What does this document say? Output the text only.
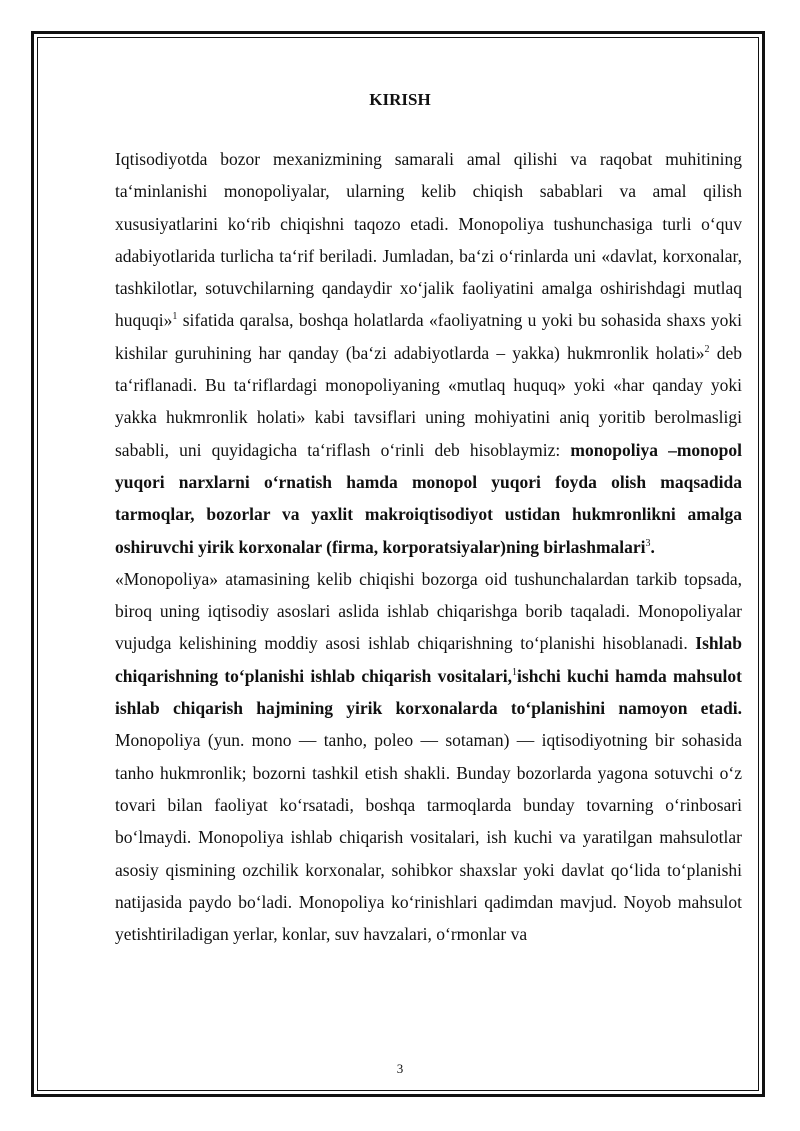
KIRISH

Iqtisodiyotda bozor mexanizmining samarali amal qilishi va raqobat muhitining ta‘minlanishi monopoliyalar, ularning kelib chiqish sabablari va amal qilish xususiyatlarini ko‘rib chiqishni taqozo etadi. Monopoliya tushunchasiga turli o‘quv adabiyotlarida turlicha ta‘rif beriladi. Jumladan, ba‘zi o‘rinlarda uni «davlat, korxonalar, tashkilotlar, sotuvchilarning qandaydir xo‘jalik faoliyatini amalga oshirishdagi mutlaq huquqi»$^1$ sifatida qaralsa, boshqa holatlarda «faoliyatning u yoki bu sohasida shaxs yoki kishilar guruhining har qanday (ba‘zi adabiyotlarda – yakka) hukmronlik holati»$^2$ deb ta‘riflanadi. Bu ta‘riflardagi monopoliyaning «mutlaq huquq» yoki «har qanday yoki yakka hukmronlik holati» kabi tavsiflari uning mohiyatini aniq yoritib berolmasligi sababli, uni quyidagicha ta‘riflash o‘rinli deb hisoblaymiz: monopoliya –monopol yuqori narxlarni o‘rnatish hamda monopol yuqori foyda olish maqsadida tarmoqlar, bozorlar va yaxlit makroiqtisodiyot ustidan hukmronlikni amalga oshiruvchi yirik korxonalar (firma, korporatsiyalar)ning birlashmalari$^3$.

«Monopoliya» atamasining kelib chiqishi bozorga oid tushunchalardan tarkib topsada, biroq uning iqtisodiy asoslari aslida ishlab chiqarishga borib taqaladi. Monopoliyalar vujudga kelishining moddiy asosi ishlab chiqarishning to‘planishi hisoblanadi. Ishlab chiqarishning to‘planishi ishlab chiqarish vositalari,$^1$ishchi kuchi hamda mahsulot ishlab chiqarish hajmining yirik korxonalarda to‘planishini namoyon etadi.

Monopoliya (yun. mono — tanho, poleo — sotaman) — iqtisodiyotning bir sohasida tanho hukmronlik; bozorni tashkil etish shakli. Bunday bozorlarda yagona sotuvchi o‘z tovari bilan faoliyat ko‘rsatadi, boshqa tarmoqlarda bunday tovarning o‘rinbosari bo‘lmaydi. Monopoliya ishlab chiqarish vositalari, ish kuchi va yaratilgan mahsulotlar asosiy qismining ozchilik korxonalar, sohibkor shaxslar yoki davlat qo‘lida to‘planishi natijasida paydo bo‘ladi. Monopoliya ko‘rinishlari qadimdan mavjud. Noyob mahsulot yetishtiriladigan yerlar, konlar, suv havzalari, o‘rmonlar va

3
